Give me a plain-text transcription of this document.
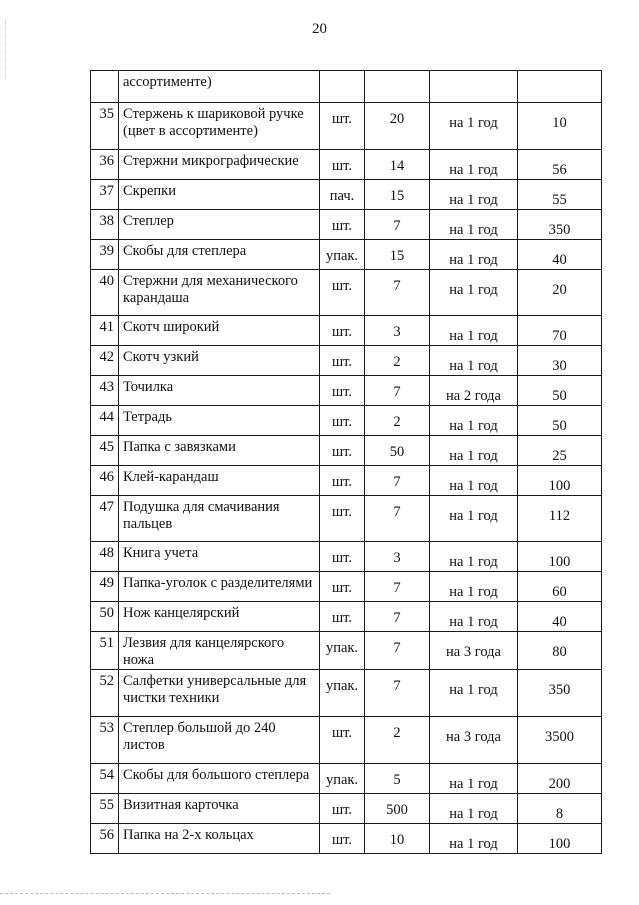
20
	ассортименте)				
35	Стержень к шариковой ручке (цвет в ассортименте)	шт.	20	на 1 год	10
36	Стержни микрографические	шт.	14	на 1 год	56
37	Скрепки	пач.	15	на 1 год	55
38	Степлер	шт.	7	на 1 год	350
39	Скобы для степлера	упак.	15	на 1 год	40
40	Стержни для механического карандаша	шт.	7	на 1 год	20
41	Скотч широкий	шт.	3	на 1 год	70
42	Скотч узкий	шт.	2	на 1 год	30
43	Точилка	шт.	7	на 2 года	50
44	Тетрадь	шт.	2	на 1 год	50
45	Папка с завязками	шт.	50	на 1 год	25
46	Клей-карандаш	шт.	7	на 1 год	100
47	Подушка для смачивания пальцев	шт.	7	на 1 год	112
48	Книга учета	шт.	3	на 1 год	100
49	Папка-уголок с разделителями	шт.	7	на 1 год	60
50	Нож канцелярский	шт.	7	на 1 год	40
51	Лезвия для канцелярского ножа	упак.	7	на 3 года	80
52	Салфетки универсальные для чистки техники	упак.	7	на 1 год	350
53	Степлер большой до 240 листов	шт.	2	на 3 года	3500
54	Скобы для большого степлера	упак.	5	на 1 год	200
55	Визитная карточка	шт.	500	на 1 год	8
56	Папка на 2-х кольцах	шт.	10	на 1 год	100
